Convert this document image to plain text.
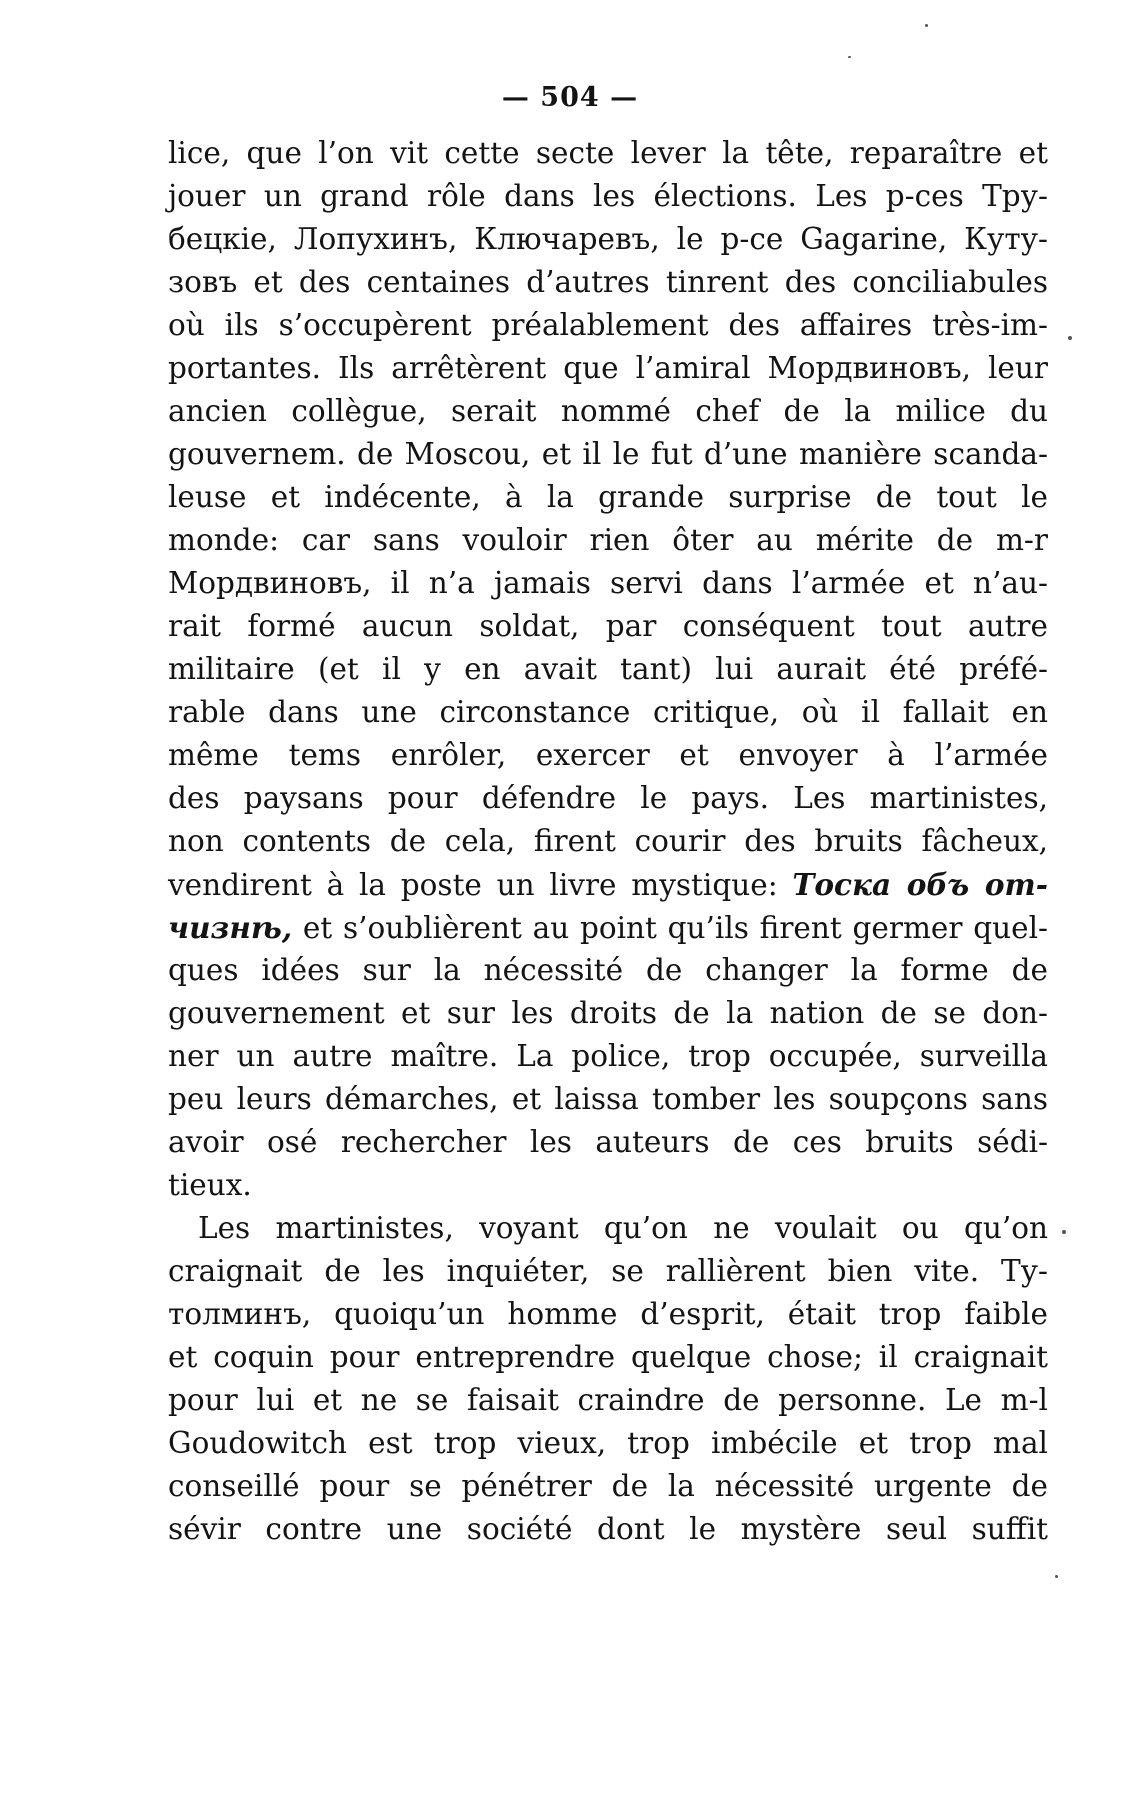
— 504 —
lice, que l’on vit cette secte lever la tête, reparaître et
jouer un grand rôle dans les élections. Les p-ces Тру-
бецкіе, Лопухинъ, Ключаревъ, le p-ce Gagarine, Куту-
зовъ et des centaines d’autres tinrent des conciliabules
où ils s’occupèrent préalablement des affaires très-im-
portantes. Ils arrêtèrent que l’amiral Мордвиновъ, leur
ancien collègue, serait nommé chef de la milice du
gouvernem. de Moscou, et il le fut d’une manière scanda-
leuse et indécente, à la grande surprise de tout le
monde: car sans vouloir rien ôter au mérite de m-r
Мордвиновъ, il n’a jamais servi dans l’armée et n’au-
rait formé aucun soldat, par conséquent tout autre
militaire (et il y en avait tant) lui aurait été préfé-
rable dans une circonstance critique, où il fallait en
même tems enrôler, exercer et envoyer à l’armée
des paysans pour défendre le pays. Les martinistes,
non contents de cela, firent courir des bruits fâcheux,
vendirent à la poste un livre mystique: Тоска объ от-
чизнѣ, et s’oublièrent au point qu’ils firent germer quel-
ques idées sur la nécessité de changer la forme de
gouvernement et sur les droits de la nation de se don-
ner un autre maître. La police, trop occupée, surveilla
peu leurs démarches, et laissa tomber les soupçons sans
avoir osé rechercher les auteurs de ces bruits sédi-
tieux.
Les martinistes, voyant qu’on ne voulait ou qu’on
craignait de les inquiéter, se rallièrent bien vite. Ту-
толминъ, quoiqu’un homme d’esprit, était trop faible
et coquin pour entreprendre quelque chose; il craignait
pour lui et ne se faisait craindre de personne. Le m-l
Goudowitch est trop vieux, trop imbécile et trop mal
conseillé pour se pénétrer de la nécessité urgente de
sévir contre une société dont le mystère seul suffit
